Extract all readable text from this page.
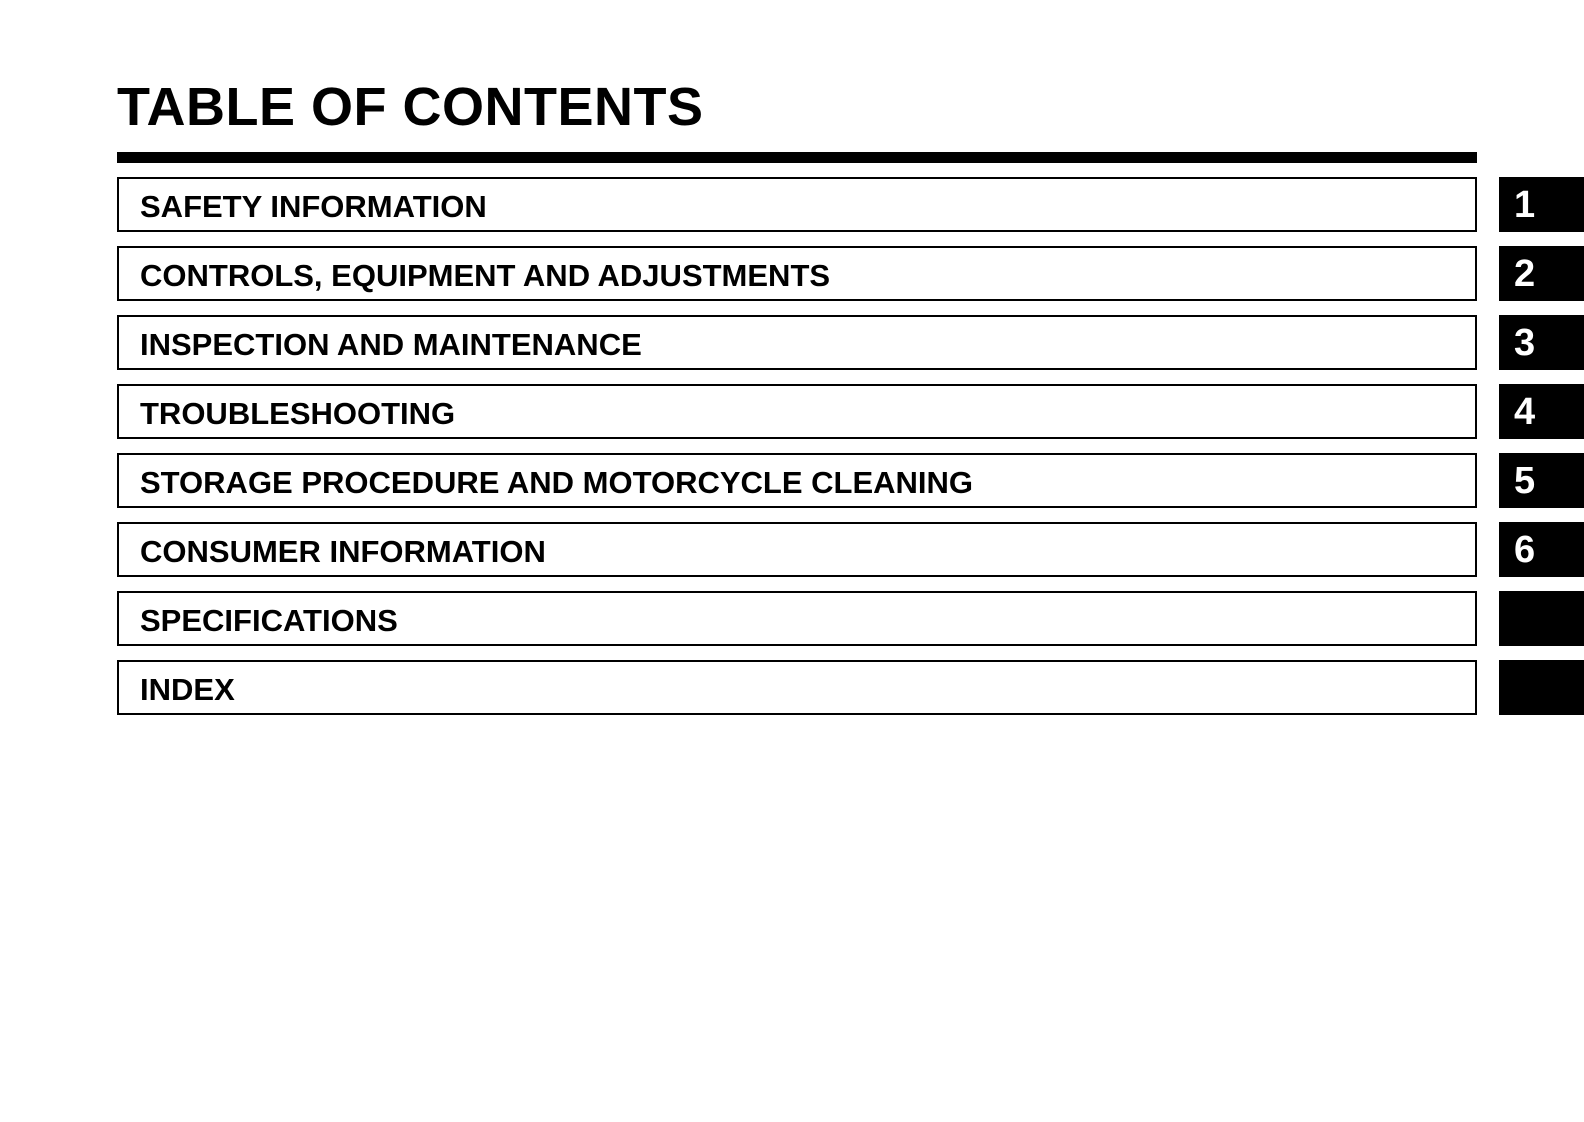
TABLE OF CONTENTS
SAFETY INFORMATION	1
CONTROLS, EQUIPMENT AND ADJUSTMENTS	2
INSPECTION AND MAINTENANCE	3
TROUBLESHOOTING	4
STORAGE PROCEDURE AND MOTORCYCLE CLEANING	5
CONSUMER INFORMATION	6
SPECIFICATIONS
INDEX
